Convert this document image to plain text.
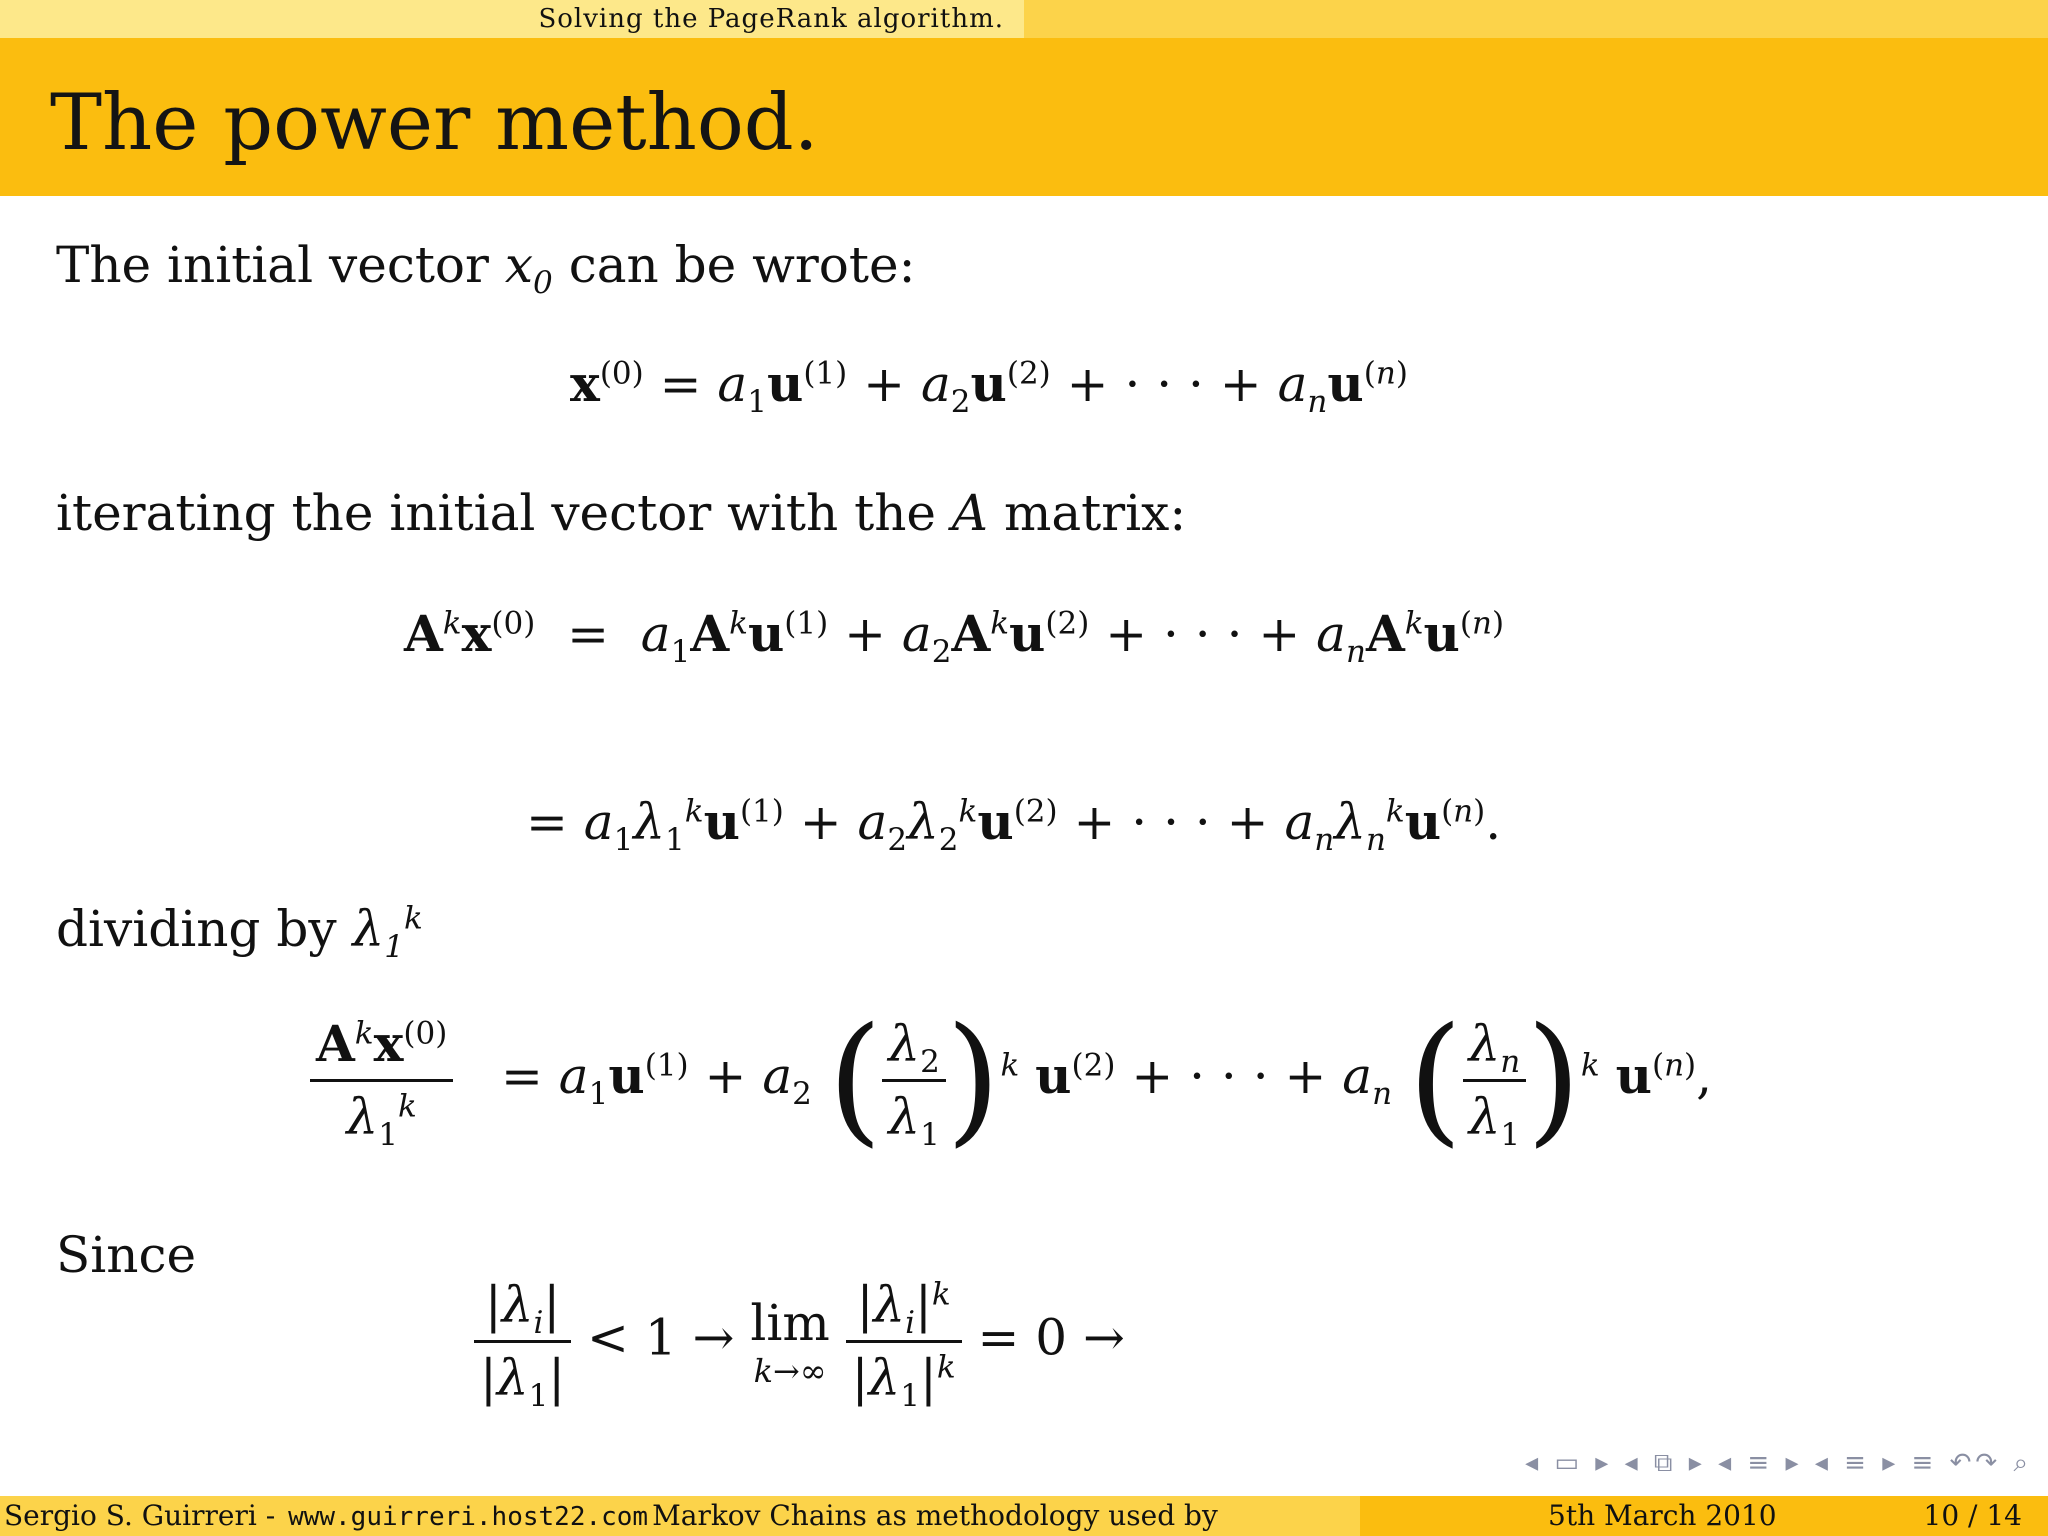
Solving the PageRank algorithm.
The power method.
The initial vector $x_0$ can be wrote:
$x^{(0)} = a_1u^{(1)} + a_2u^{(2)}$ + · · · + $a_nu^{(n)}$
iterating the initial vector with the A matrix:
$A^kx^{(0)} = a_1A^ku^{(1)} + a_2A^ku^{(2)}$ + · · · + $a_nA^ku^{(n)}$
= $a_1\lambda_1^ku^{(1)} + a_2\lambda_2^ku^{(2)}$ + · · · + $a_n\lambda_n^ku^{(n)}$.
dividing by $\lambda_1^k$
$\frac{A^kx^{(0)}}{\lambda_1^k} = a_1u^{(1)} + a_2$ ( $\frac{\lambda_2}{\lambda_1} )^k$ $u^{(2)}$ + · · · + $a_n$ ( $\frac{\lambda_n}{\lambda_1} )^k$ $u^{(n)}$,
Since
$\frac{|\lambda_i|}{|\lambda_1|} < 1 \to \lim$
k→∞
$\frac{|\lambda_i|^k}{|\lambda_1|^k} = 0$ →
◂ ▭ ▸ ◂ ⧉ ▸ ◂ ≡ ▸ ◂ ≡ ▸ ≡ ↶↷ ⌕
Sergio S. Guirreri - www.guirreri.host22.com Markov Chains as methodology used by	5th March 2010	10 / 14
